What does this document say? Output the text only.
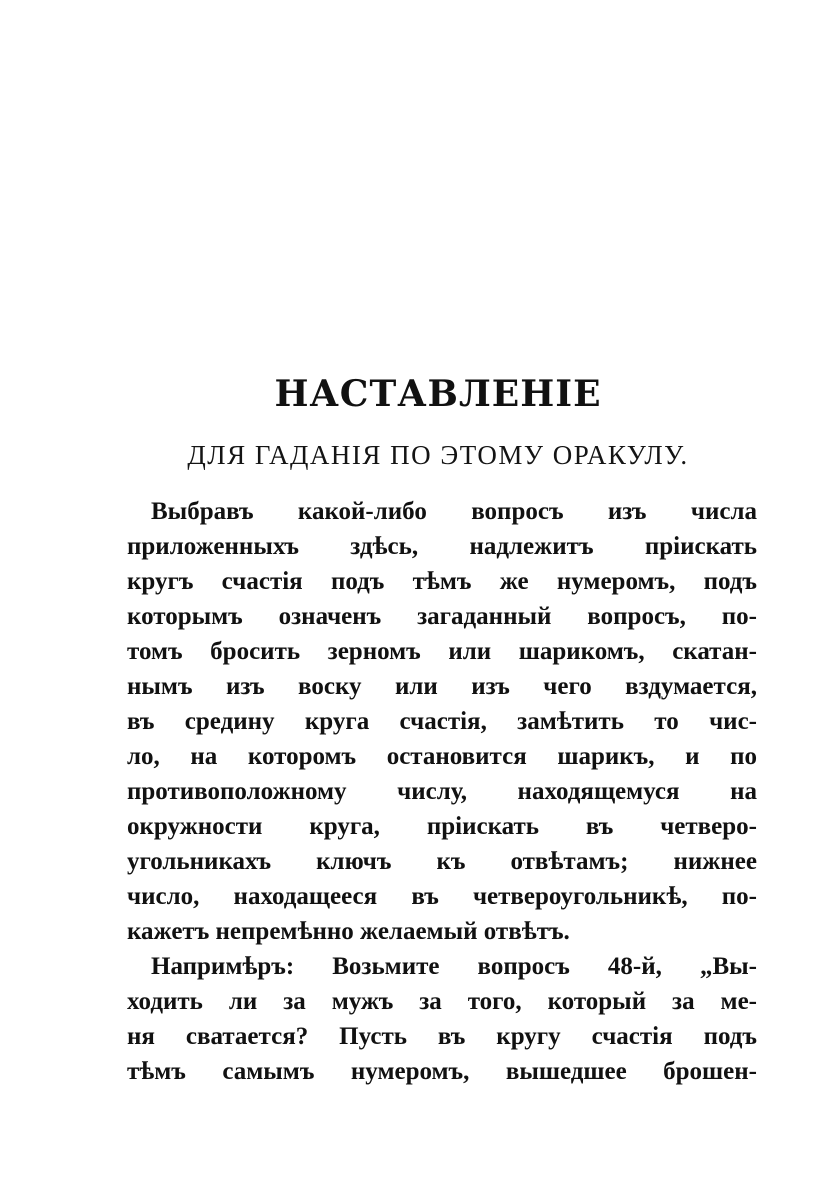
НАСТАВЛЕНІЕ
ДЛЯ ГАДАНІЯ ПО ЭТОМУ ОРАКУЛУ.
Выбравъ какой-либо вопросъ изъ числа
приложенныхъ здѣсь, надлежитъ пріискать
кругъ счастія подъ тѣмъ же нумеромъ, подъ
которымъ означенъ загаданный вопросъ, по-
томъ бросить зерномъ или шарикомъ, скатан-
нымъ изъ воску или изъ чего вздумается,
въ средину круга счастія, замѣтить то чис-
ло, на которомъ остановится шарикъ, и по
противоположному числу, находящемуся на
окружности круга, пріискать въ четверо-
угольникахъ ключъ къ отвѣтамъ; нижнее
число, находащееся въ четвероугольникѣ, по-
кажетъ непремѣнно желаемый отвѣтъ.
Напримѣръ: Возьмите вопросъ 48-й, „Вы-
ходить ли за мужъ за того, который за ме-
ня сватается? Пусть въ кругу счастія подъ
тѣмъ самымъ нумеромъ, вышедшее брошен-
